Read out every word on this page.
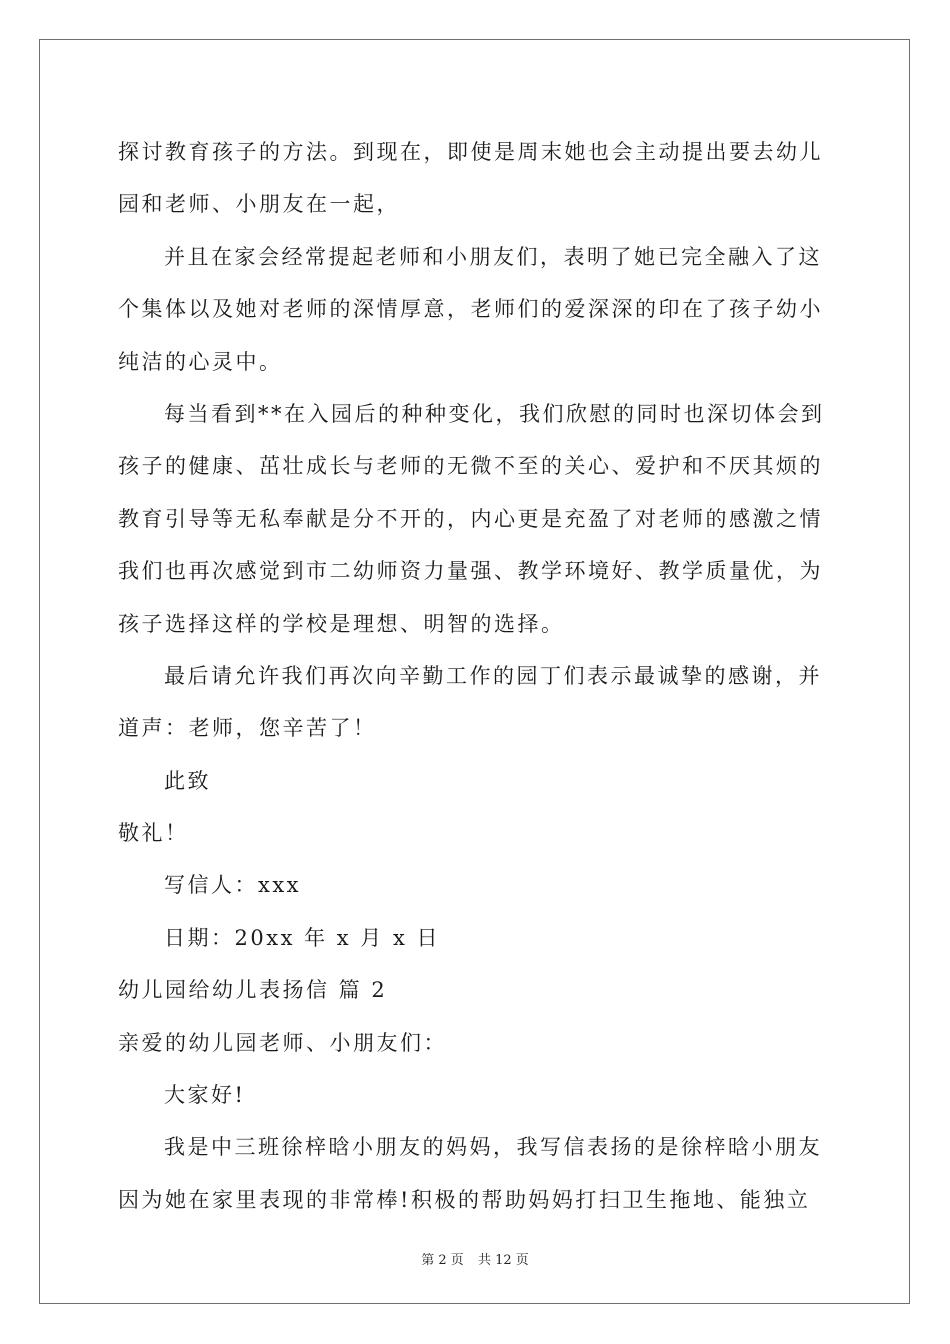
探讨教育孩子的方法。到现在，即使是周末她也会主动提出要去幼儿
园和老师、小朋友在一起，
并且在家会经常提起老师和小朋友们，表明了她已完全融入了这
个集体以及她对老师的深情厚意，老师们的爱深深的印在了孩子幼小
纯洁的心灵中。
每当看到**在入园后的种种变化，我们欣慰的同时也深切体会到
孩子的健康、茁壮成长与老师的无微不至的关心、爱护和不厌其烦的
教育引导等无私奉献是分不开的，内心更是充盈了对老师的感激之情
我们也再次感觉到市二幼师资力量强、教学环境好、教学质量优，为
孩子选择这样的学校是理想、明智的选择。
最后请允许我们再次向辛勤工作的园丁们表示最诚挚的感谢，并
道声：老师，您辛苦了！
此致
敬礼！
写信人：xxx
日期：20xx 年 x 月 x 日
幼儿园给幼儿表扬信 篇 2
亲爱的幼儿园老师、小朋友们：
大家好!
我是中三班徐梓晗小朋友的妈妈，我写信表扬的是徐梓晗小朋友
因为她在家里表现的非常棒!积极的帮助妈妈打扫卫生拖地、能独立
第 2 页 共 12 页
